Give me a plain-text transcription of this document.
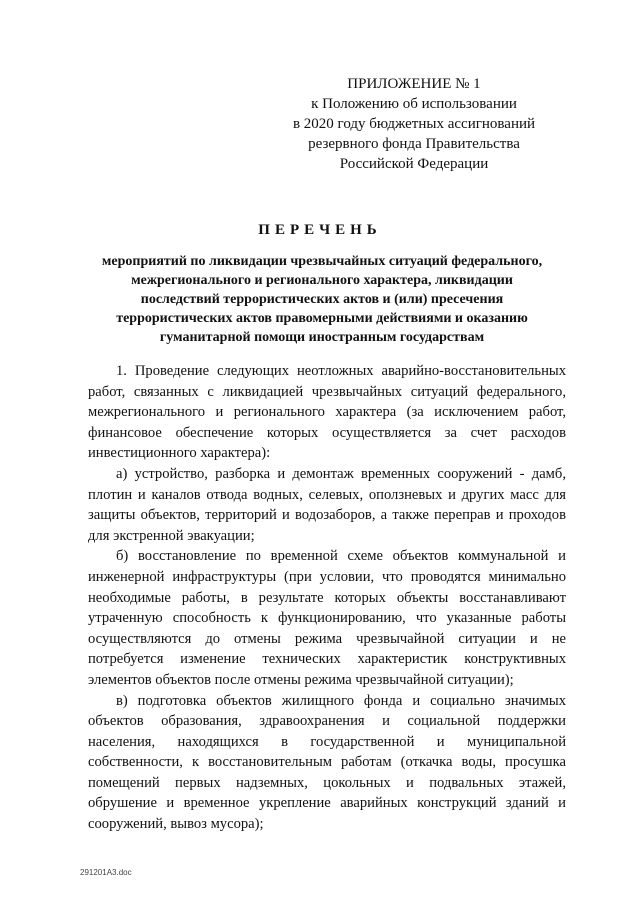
ПРИЛОЖЕНИЕ № 1
к Положению об использовании
в 2020 году бюджетных ассигнований
резервного фонда Правительства
Российской Федерации
ПЕРЕЧЕНЬ
мероприятий по ликвидации чрезвычайных ситуаций федерального,
межрегионального и регионального характера, ликвидации
последствий террористических актов и (или) пресечения
террористических актов правомерными действиями и оказанию
гуманитарной помощи иностранным государствам

1. Проведение следующих неотложных аварийно-восстановительных работ, связанных с ликвидацией чрезвычайных ситуаций федерального, межрегионального и регионального характера (за исключением работ, финансовое обеспечение которых осуществляется за счет расходов инвестиционного характера):

а) устройство, разборка и демонтаж временных сооружений - дамб, плотин и каналов отвода водных, селевых, оползневых и других масс для защиты объектов, территорий и водозаборов, а также переправ и проходов для экстренной эвакуации;

б) восстановление по временной схеме объектов коммунальной и инженерной инфраструктуры (при условии, что проводятся минимально необходимые работы, в результате которых объекты восстанавливают утраченную способность к функционированию, что указанные работы осуществляются до отмены режима чрезвычайной ситуации и не потребуется изменение технических характеристик конструктивных элементов объектов после отмены режима чрезвычайной ситуации);

в) подготовка объектов жилищного фонда и социально значимых объектов образования, здравоохранения и социальной поддержки населения, находящихся в государственной и муниципальной собственности, к восстановительным работам (откачка воды, просушка помещений первых надземных, цокольных и подвальных этажей, обрушение и временное укрепление аварийных конструкций зданий и сооружений, вывоз мусора);

291201A3.doc
